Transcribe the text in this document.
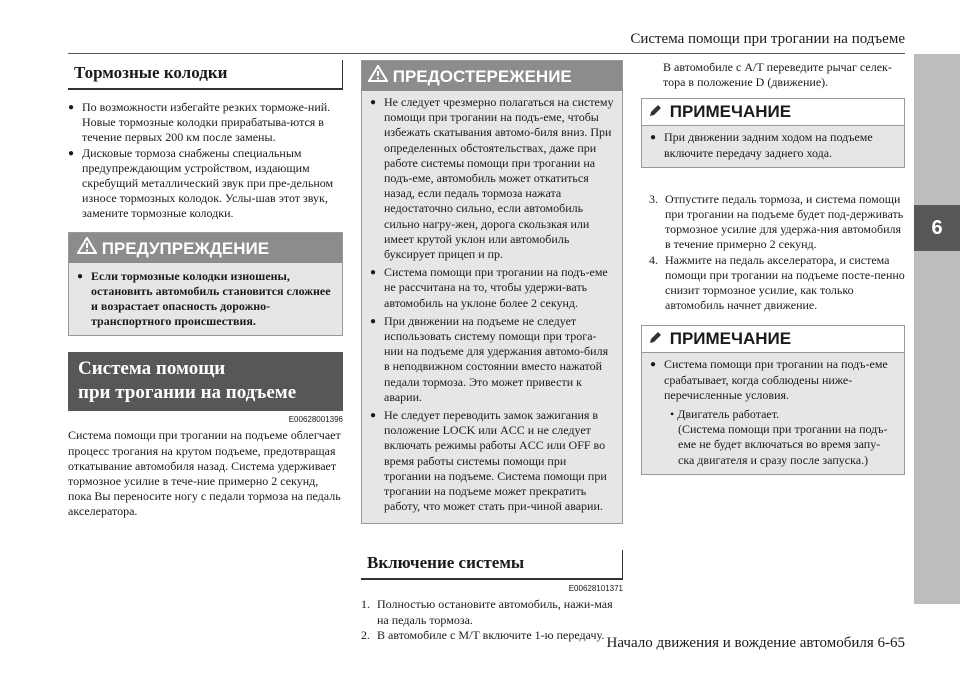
Система помощи при трогании на подъеме
6
Тормозные колодки
● По возможности избегайте резких торможе-ний.
Новые тормозные колодки прирабатыва-ются в течение первых 200 км после замены.
● Дисковые тормоза снабжены специальным предупреждающим устройством, издающим скребущий металлический звук при пре-дельном износе тормозных колодок. Услы-шав этот звук, замените тормозные колодки.
ПРЕДУПРЕЖДЕНИЕ
● Если тормозные колодки изношены, остановить автомобиль становится сложнее и возрастает опасность дорожно-транспортного происшествия.
Система помощи
при трогании на подъеме
E00628001396
Система помощи при трогании на подъеме облегчает процесс трогания на крутом подъеме, предотвращая откатывание автомобиля назад. Система удерживает тормозное усилие в тече-ние примерно 2 секунд, пока Вы переносите ногу с педали тормоза на педаль акселератора.
ПРЕДОСТЕРЕЖЕНИЕ
● Не следует чрезмерно полагаться на систему помощи при трогании на подъ-еме, чтобы избежать скатывания автомо-биля вниз. При определенных обстоятельствах, даже при работе системы помощи при трогании на подъ-еме, автомобиль может откатиться назад, если педаль тормоза нажата недостаточно сильно, если автомобиль сильно нагру-жен, дорога скользкая или имеет крутой уклон или автомобиль буксирует прицеп и пр.
● Система помощи при трогании на подъ-еме не рассчитана на то, чтобы удержи-вать автомобиль на уклоне более 2 секунд.
● При движении на подъеме не следует использовать систему помощи при трога-нии на подъеме для удержания автомо-биля в неподвижном состоянии вместо нажатой педали тормоза. Это может привести к аварии.
● Не следует переводить замок зажигания в положение LOCK или ACC и не следует включать режимы работы ACC или OFF во время работы системы помощи при трогании на подъеме. Система помощи при трогании на подъеме может прекратить работу, что может стать при-чиной аварии.
Включение системы
E00628101371
1. Полностью остановите автомобиль, нажи-мая на педаль тормоза.
2. В автомобиле с М/Т включите 1-ю передачу.
В автомобиле с А/Т переведите рычаг селек-тора в положение D (движение).
ПРИМЕЧАНИЕ
● При движении задним ходом на подъеме включите передачу заднего хода.
3. Отпустите педаль тормоза, и система помощи при трогании на подъеме будет под-держивать тормозное усилие для удержа-ния автомобиля в течение примерно 2 секунд.
4. Нажмите на педаль акселератора, и система помощи при трогании на подъеме посте-пенно снизит тормозное усилие, как только автомобиль начнет движение.
ПРИМЕЧАНИЕ
● Система помощи при трогании на подъ-еме срабатывает, когда соблюдены ниже-перечисленные условия.
• Двигатель работает.
(Система помощи при трогании на подъ-еме не будет включаться во время запу-ска двигателя и сразу после запуска.)
Начало движения и вождение автомобиля 6-65
